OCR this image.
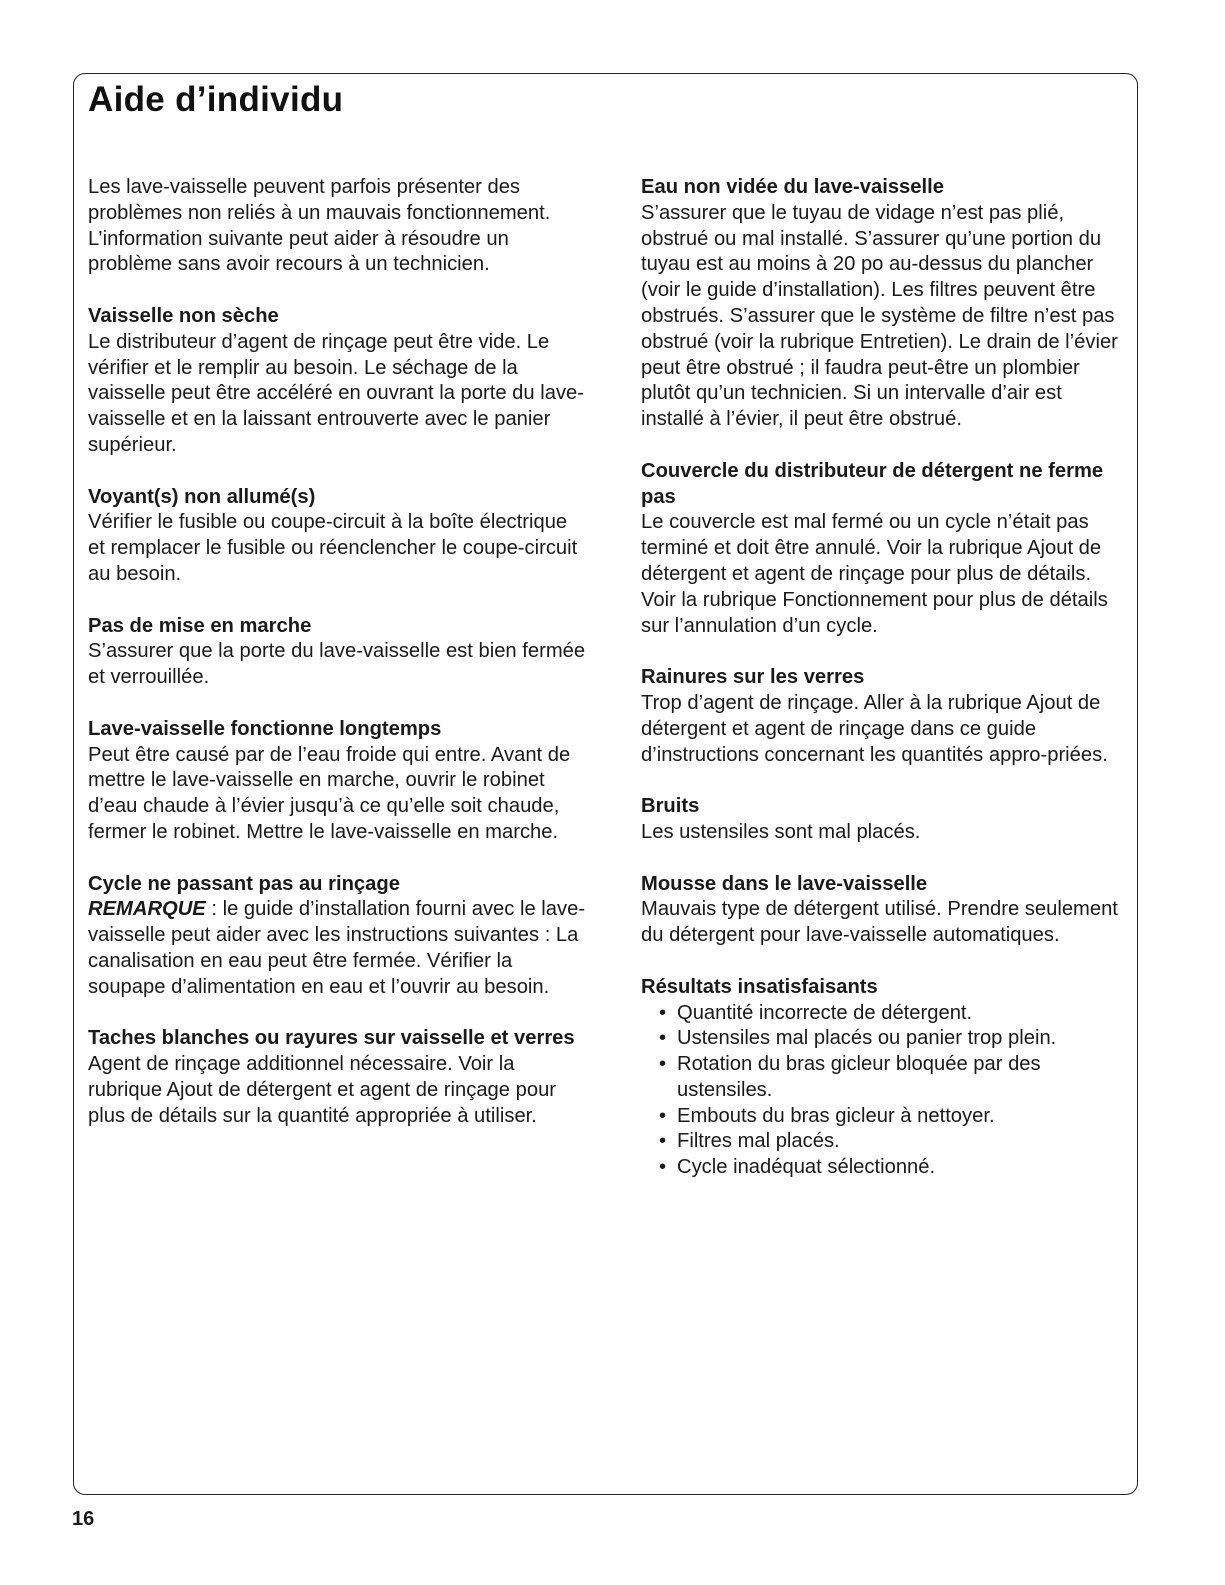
Aide d’individu

Les lave-vaisselle peuvent parfois présenter des problèmes non reliés à un mauvais fonctionnement. L’information suivante peut aider à résoudre un problème sans avoir recours à un technicien.

Vaisselle non sèche

Le distributeur d’agent de rinçage peut être vide. Le vérifier et le remplir au besoin. Le séchage de la vaisselle peut être accéléré en ouvrant la porte du lave-vaisselle et en la laissant entrouverte avec le panier supérieur.

Voyant(s) non allumé(s)

Vérifier le fusible ou coupe-circuit à la boîte électrique et remplacer le fusible ou réenclencher le coupe-circuit au besoin.

Pas de mise en marche

S’assurer que la porte du lave-vaisselle est bien fermée et verrouillée.

Lave-vaisselle fonctionne longtemps

Peut être causé par de l’eau froide qui entre. Avant de mettre le lave-vaisselle en marche, ouvrir le robinet d’eau chaude à l’évier jusqu’à ce qu’elle soit chaude, fermer le robinet. Mettre le lave-vaisselle en marche.

Cycle ne passant pas au rinçage

REMARQUE : le guide d’installation fourni avec le lave-vaisselle peut aider avec les instructions suivantes : La canalisation en eau peut être fermée. Vérifier la soupape d’alimentation en eau et l’ouvrir au besoin.

Taches blanches ou rayures sur vaisselle et verres

Agent de rinçage additionnel nécessaire. Voir la rubrique Ajout de détergent et agent de rinçage pour plus de détails sur la quantité appropriée à utiliser.

Eau non vidée du lave-vaisselle

S’assurer que le tuyau de vidage n’est pas plié, obstrué ou mal installé. S’assurer qu’une portion du tuyau est au moins à 20 po au-dessus du plancher (voir le guide d’installation). Les filtres peuvent être obstrués. S’assurer que le système de filtre n’est pas obstrué (voir la rubrique Entretien). Le drain de l’évier peut être obstrué ; il faudra peut-être un plombier plutôt qu’un technicien. Si un intervalle d’air est installé à l’évier, il peut être obstrué.

Couvercle du distributeur de détergent ne ferme pas

Le couvercle est mal fermé ou un cycle n’était pas terminé et doit être annulé. Voir la rubrique Ajout de détergent et agent de rinçage pour plus de détails. Voir la rubrique Fonctionnement pour plus de détails sur l’annulation d’un cycle.

Rainures sur les verres

Trop d’agent de rinçage. Aller à la rubrique Ajout de détergent et agent de rinçage dans ce guide d’instructions concernant les quantités appro-priées.

Bruits

Les ustensiles sont mal placés.

Mousse dans le lave-vaisselle

Mauvais type de détergent utilisé. Prendre seulement du détergent pour lave-vaisselle automatiques.

Résultats insatisfaisants

• Quantité incorrecte de détergent.
• Ustensiles mal placés ou panier trop plein.
• Rotation du bras gicleur bloquée par des ustensiles.
• Embouts du bras gicleur à nettoyer.
• Filtres mal placés.
• Cycle inadéquat sélectionné.

16
